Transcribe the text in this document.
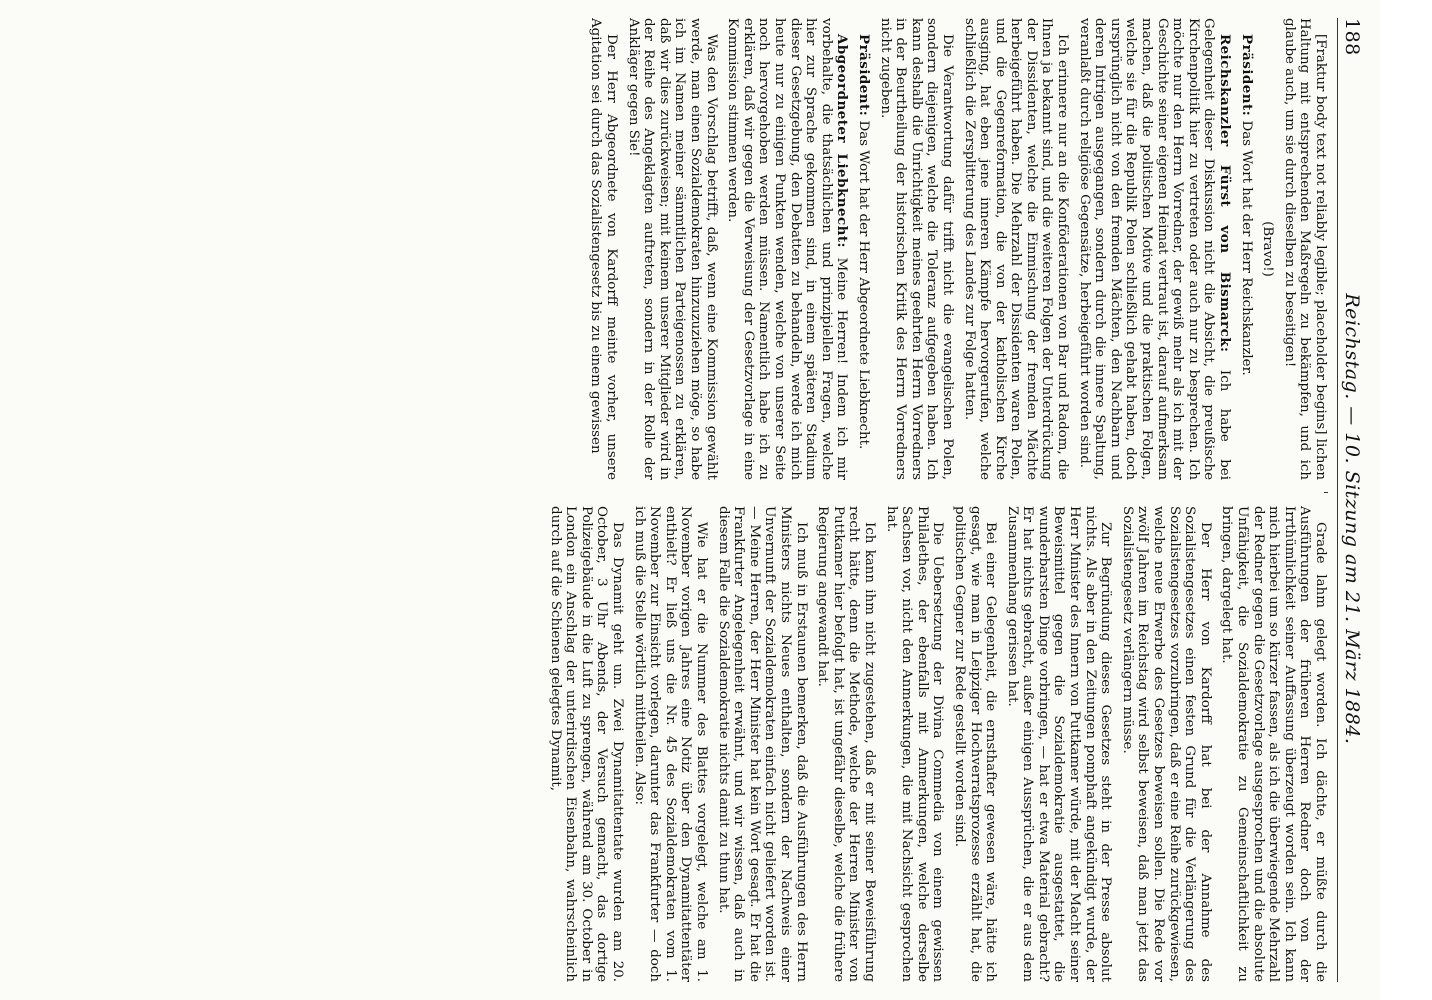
188
Reichstag. — 10. Sitzung am 21. März 1884.

[Fraktur body text not reliably legible; placeholder begins] lichen Haltung mit entsprechenden Maßregeln zu bekämpfen, und ich glaube auch, um sie durch dieselben zu beseitigen!

(Bravo!)

Präsident: Das Wort hat der Herr Reichskanzler.

Reichskanzler Fürst von Bismarck: Ich habe bei Gelegenheit dieser Diskussion nicht die Absicht, die preußische Kirchenpolitik hier zu vertreten oder auch nur zu besprechen. Ich möchte nur den Herrn Vorredner, der gewiß mehr als ich mit der Geschichte seiner eigenen Heimat vertraut ist, darauf aufmerksam machen, daß die politischen Motive und die praktischen Folgen, welche sie für die Republik Polen schließlich gehabt haben, doch ursprünglich nicht von den fremden Mächten, den Nachbarn und deren Intrigen ausgegangen, sondern durch die innere Spaltung, veranlaßt durch religiöse Gegensätze, herbeigeführt worden sind.

Ich erinnere nur an die Konföderationen von Bar und Radom, die Ihnen ja bekannt sind, und die weiteren Folgen der Unterdrückung der Dissidenten, welche die Einmischung der fremden Mächte herbeigeführt haben. Die Mehrzahl der Dissidenten waren Polen, und die Gegenreformation, die von der katholischen Kirche ausging, hat eben jene inneren Kämpfe hervorgerufen, welche schließlich die Zersplitterung des Landes zur Folge hatten.

Die Verantwortung dafür trifft nicht die evangelischen Polen, sondern diejenigen, welche die Toleranz aufgegeben haben. Ich kann deshalb die Unrichtigkeit meines geehrten Herrn Vorredners in der Beurtheilung der historischen Kritik des Herrn Vorredners nicht zugeben.

Präsident: Das Wort hat der Herr Abgeordnete Liebknecht.

Abgeordneter Liebknecht: Meine Herren! Indem ich mir vorbehalte, die thatsächlichen und prinzipiellen Fragen, welche hier zur Sprache gekommen sind, in einem späteren Stadium dieser Gesetzgebung, den Debatten zu behandeln, werde ich mich heute nur zu einigen Punkten wenden, welche von unserer Seite noch hervorgehoben werden müssen. Namentlich habe ich zu erklären, daß wir gegen die Verweisung der Gesetzvorlage in eine Kommission stimmen werden.

Was den Vorschlag betrifft, daß, wenn eine Kommission gewählt werde, man einen Sozialdemokraten hinzuzuziehen möge, so habe ich im Namen meiner sämmtlichen Parteigenossen zu erklären, daß wir dies zurückweisen; mit keinem unserer Mitglieder wird in der Reihe des Angeklagten auftreten, sondern in der Rolle der Ankläger gegen Sie!

Der Herr Abgeordnete von Kardorff meinte vorher, unsere Agitation sei durch das Sozialistengesetz bis zu einem gewissen

Grade lahm gelegt worden. Ich dächte, er müßte durch die Ausführungen der früheren Herren Redner doch von der Irrthümlichkeit seiner Auffassung überzeugt worden sein. Ich kann mich hierbei um so kürzer fassen, als ich die überwiegende Mehrzahl der Redner gegen die Gesetzvorlage ausgesprochen und die absolute Unfähigkeit, die Sozialdemokratie zu Gemeinschaftlichkeit zu bringen, dargelegt hat.

Der Herr von Kardorff hat bei der Annahme des Sozialistengesetzes einen festen Grund für die Verlängerung des Sozialistengesetzes vorzubringen, daß er eine Reihe zurückgewiesen, welche neue Erwerbe des Gesetzes beweisen sollen. Die Rede vor zwölf Jahren im Reichstag wird selbst beweisen, daß man jetzt das Sozialistengesetz verlängern müsse.

Zur Begründung dieses Gesetzes steht in der Presse absolut nichts. Als aber in den Zeitungen pomphaft angekündigt wurde, der Herr Minister des Innern von Puttkamer würde, mit der Macht seiner Beweismittel gegen die Sozialdemokratie ausgestattet, die wunderbarsten Dinge vorbringen, — hat er etwa Material gebracht? Er hat nichts gebracht, außer einigen Aussprüchen, die er aus dem Zusammenhang gerissen hat.

Bei einer Gelegenheit, die ernsthafter gewesen wäre, hätte ich gesagt, wie man in Leipziger Hochverratsprozesse erzählt hat, die politischen Gegner zur Rede gestellt worden sind.

Die Uebersetzung der Divina Commedia von einem gewissen Philalethes, der ebenfalls mit Anmerkungen, welche derselbe Sachsen vor, nicht den Anmerkungen, die mit Nachsicht gesprochen hat.

Ich kann ihm nicht zugestehen, daß er mit seiner Beweisführung recht hätte, denn die Methode, welche der Herren Minister von Puttkamer hier befolgt hat, ist ungefähr dieselbe, welche die frühere Regierung angewandt hat.

Ich muß in Erstaunen bemerken, daß die Ausführungen des Herrn Ministers nichts Neues enthalten, sondern der Nachweis einer Unvernunft der Sozialdemokraten einfach nicht geliefert worden ist. — Meine Herren, der Herr Minister hat kein Wort gesagt. Er hat die Frankfurter Angelegenheit erwähnt, und wir wissen, daß auch in diesem Falle die Sozialdemokratie nichts damit zu thun hat.

Wie hat er die Nummer des Blattes vorgelegt, welche am 1. November vorigen Jahres eine Notiz über den Dynamitattentäter enthielt? Er ließ uns die Nr. 45 des Sozialdemokraten vom 1. November zur Einsicht vorlegen, darunter das Frankfurter — doch ich muß die Stelle wörtlich mittheilen. Also:

Das Dynamit geht um. Zwei Dynamitattentate wurden am 20. October, 3 Uhr Abends, der Versuch gemacht, das dortige Polizeigebäude in die Luft zu sprengen, während am 30. October in London ein Anschlag der unterirdischen Eisenbahn, wahrscheinlich durch auf die Schienen gelegtes Dynamit,
